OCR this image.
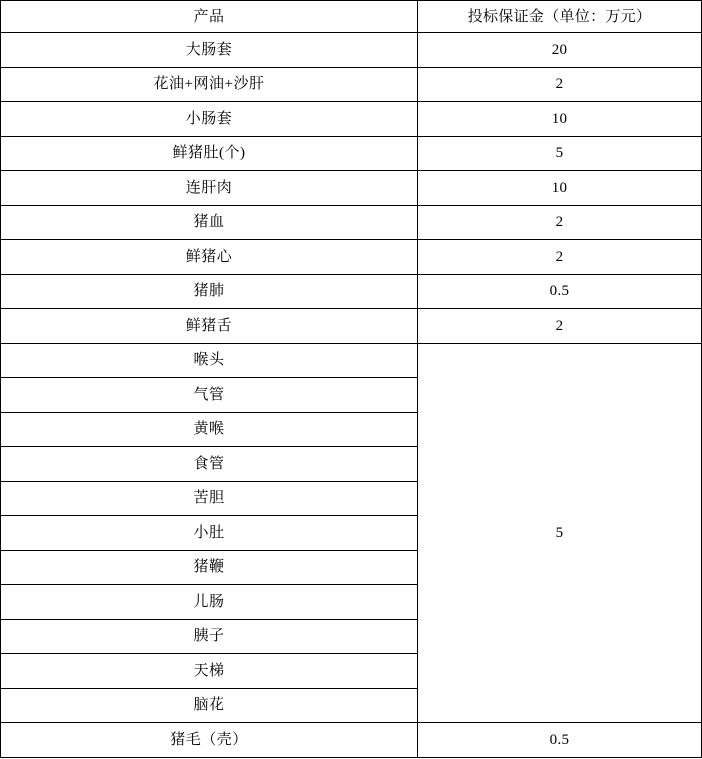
产品	投标保证金（单位：万元）
大肠套	20
花油+网油+沙肝	2
小肠套	10
鲜猪肚(个)	5
连肝肉	10
猪血	2
鲜猪心	2
猪肺	0.5
鲜猪舌	2
喉头	5
气管	
黄喉	
食管	
苦胆	
小肚	
猪鞭	
儿肠	
胰子	
天梯	
脑花	
猪毛（壳）	0.5
